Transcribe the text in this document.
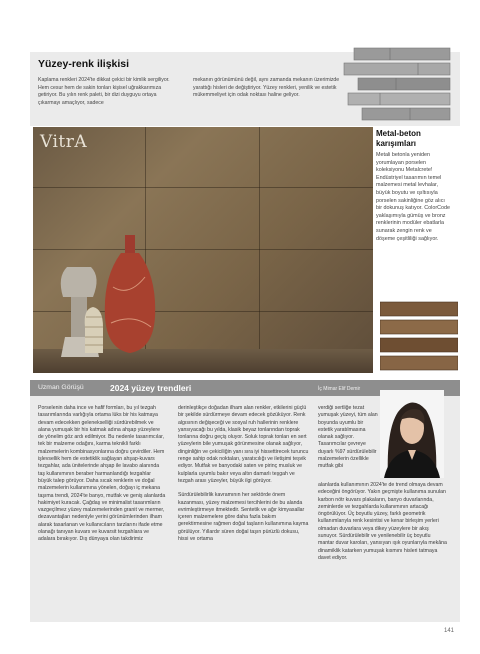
Yüzey-renk ilişkisi
Kaplama renkleri 2024'te dikkat çekici bir kimlik sergiliyor. Hem cesur hem de sakin tonları kişisel uğrakkarımıza getiriyor. Bu yılın renk paleti, bir dizi duyguyu ortaya çıkarmayı amaçlıyor, sadece
mekanın görünümünü değil, aynı zamanda mekanın üzerimizde yarattığı hisleri de değiştiriyor. Yüzey renkleri, yenilik ve estetik mükemmeliyet için odak noktası haline geliyor.
VitrA	Metal-beton karışımları
Metali betonla yeniden yorumlayan porselen koleksiyonu Metalcrete! Endüstriyel tasarımın temel malzemesi metal levhalar, büyük boyutu ve ışıltısıyla porselen sakinliğine göz alıcı bir dokunuş katıyor. ColorCode yaklaşımıyla gümüş ve bronz renklerinin modüler ebatlarla sunarak zengin renk ve döşeme çeşitliliği sağlıyor.
Uzman Görüşü	2024 yüzey trendleri	İç Mimar Elif Demir
Porselenin daha ince ve hafif formları, bu yıl tezgah tasarımlarında varlığıyla ortama lüks bir his katmaya devam edecekken gelenekselliği sürdürebilmek ve alana yumuşak bir his katmak adına ahşap yüzeylere de yönelim göz ardı edilmiyor. Bu nedenle tasarımcılar, tek bir malzeme odağını, karma teknikli farklı malzemelerin kombinasyonlarına doğru çevirdiler. Hem işlevsellik hem de estetiklik sağlayan ahşap-kuvars tezgahlar, ada ünitelerinde ahşap ile lavabo alanında taş kullanımının beraber harmanlandığı tezgahlar büyük talep görüyor. Daha sıcak renklerin ve doğal malzemelerin kullanımına yönelen, doğayı iç mekana taşıma trendi, 2024'te banyo, mutfak ve geniş alanlarda hakimiyet kuracak. Çağdaş ve minimalist tasarımların vazgeçilmez yüzey malzemelerinden granit ve mermer, dezavantajları nedeniyle yerini görünümlerinden ilham alarak tasarlanan ve kullanıcıların tarzlarını ifade etme olanağı tanıyan kuvars ve kuvarsit tezgahlara ve adalara bırakıyor. Dış dünyaya olan takdirimiz

derinleştikçe doğadan ilham alan renkler, etkilerini güçlü bir şekilde sürdürmeye devam edecek gözüküyor. Renk algısının değişeceği ve sosyal ruh hallerinin renklere yansıyacağı bu yılda, klasik beyaz tonlarından toprak tonlarına doğru geçiş oluyor. Soluk toprak tonları en sert yüzeylerin bile yumuşak görünmesine olanak sağlıyor, dinginliğin ve çekiciliğin yanı sıra iyi hissettirecek turuncu renge sahip odak noktaları, yaratıcılığı ve iletişimi teşvik ediyor. Mutfak ve banyodaki saten ve pirinç musluk ve kulplarla uyumlu bakır veya altın damarlı teşgah ve tezgah arası yüzeyler, büyük ilgi görüyor.

Sürdürülebilirlik kavramının her sektörde önem kazanması, yüzey malzemesi tercihlerini de bu alanda evrimleştirmeye itmektedir. Sentetik ve ağır kimyasallar içeren malzemelere göre daha fazla bakım gerektirmesine rağmen doğal taşların kullanımına kayma görülüyor. Yıllardır süren doğal taşın pürüzlü dokusu, hissi ve ortama

verdiği sertliğe tezat yumuşak yüzeyi, tüm alan boyunda uyumlu bir estetik yaratılmasına olanak sağlıyor. Tasarımcılar çevreye duyarlı %97 sürdürülebilir malzemelerin özellikle mutfak gibi
alanlarda kullanımının 2024'te de trend olmaya devam edeceğini öngörüyor. Yakın geçmişte kullanıma sunulan karbon nötr kuvars plakaların, banyo duvarlarında, zeminlerde ve tezgahlarda kullanımının artacağı öngörülüyor. Üç boyutlu yüzey, farklı geometrik kullanımlarıyla renk kesintisi ve kenar birleşim yerleri olmadan duvarlara veya dikey yüzeylere bir akış sunuyor. Sürdürülebilir ve yenilenebilir üç boyutlu mantar duvar karoları, yansıyan ışık oyunlarıyla mekâna dinamiklik katarken yumuşak kısmını hisleri tatmaya davet ediyor.
141
